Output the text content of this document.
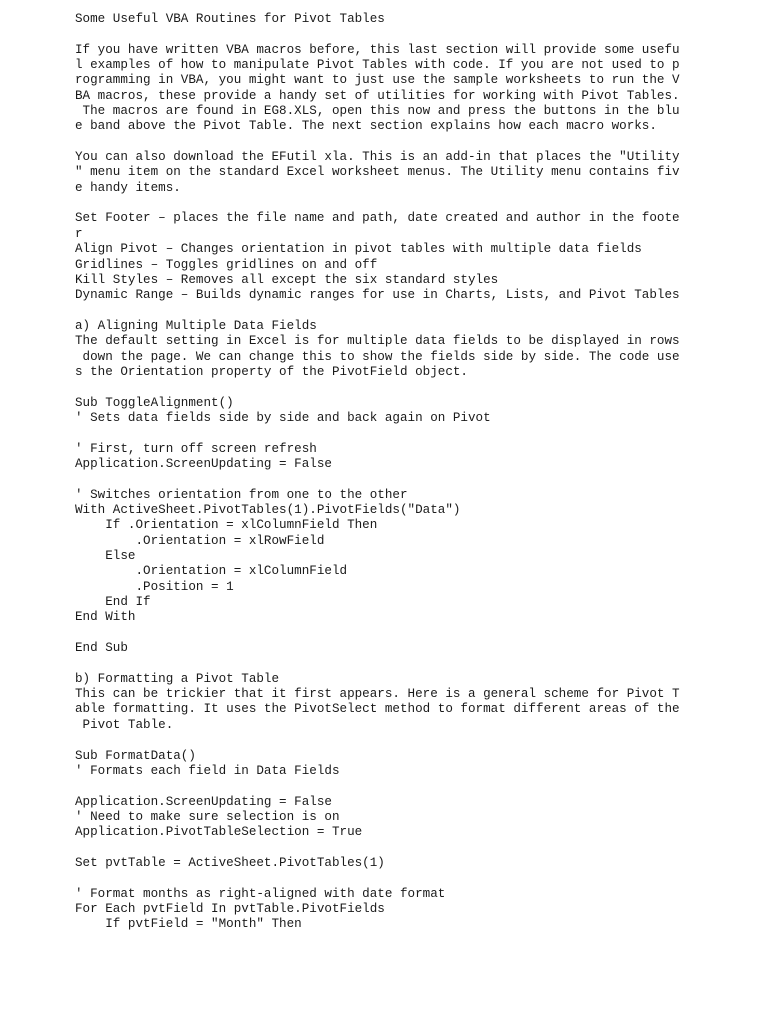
Some Useful VBA Routines for Pivot Tables
If you have written VBA macros before, this last section will provide some usefu
l examples of how to manipulate Pivot Tables with code. If you are not used to p
rogramming in VBA, you might want to just use the sample worksheets to run the V
BA macros, these provide a handy set of utilities for working with Pivot Tables.
The macros are found in EG8.XLS, open this now and press the buttons in the blu
e band above the Pivot Table. The next section explains how each macro works.
You can also download the EFutil xla. This is an add-in that places the "Utility
" menu item on the standard Excel worksheet menus. The Utility menu contains fiv
e handy items.
Set Footer – places the file name and path, date created and author in the foote
r
Align Pivot – Changes orientation in pivot tables with multiple data fields
Gridlines – Toggles gridlines on and off
Kill Styles – Removes all except the six standard styles
Dynamic Range – Builds dynamic ranges for use in Charts, Lists, and Pivot Tables
a) Aligning Multiple Data Fields
The default setting in Excel is for multiple data fields to be displayed in rows
down the page. We can change this to show the fields side by side. The code use
s the Orientation property of the PivotField object.
Sub ToggleAlignment()
' Sets data fields side by side and back again on Pivot
' First, turn off screen refresh
Application.ScreenUpdating = False
' Switches orientation from one to the other
With ActiveSheet.PivotTables(1).PivotFields("Data")
If .Orientation = xlColumnField Then
.Orientation = xlRowField
Else
.Orientation = xlColumnField
.Position = 1
End If
End With
End Sub
b) Formatting a Pivot Table
This can be trickier that it first appears. Here is a general scheme for Pivot T
able formatting. It uses the PivotSelect method to format different areas of the
Pivot Table.
Sub FormatData()
' Formats each field in Data Fields
Application.ScreenUpdating = False
' Need to make sure selection is on
Application.PivotTableSelection = True
Set pvtTable = ActiveSheet.PivotTables(1)
' Format months as right-aligned with date format
For Each pvtField In pvtTable.PivotFields
If pvtField = "Month" Then
